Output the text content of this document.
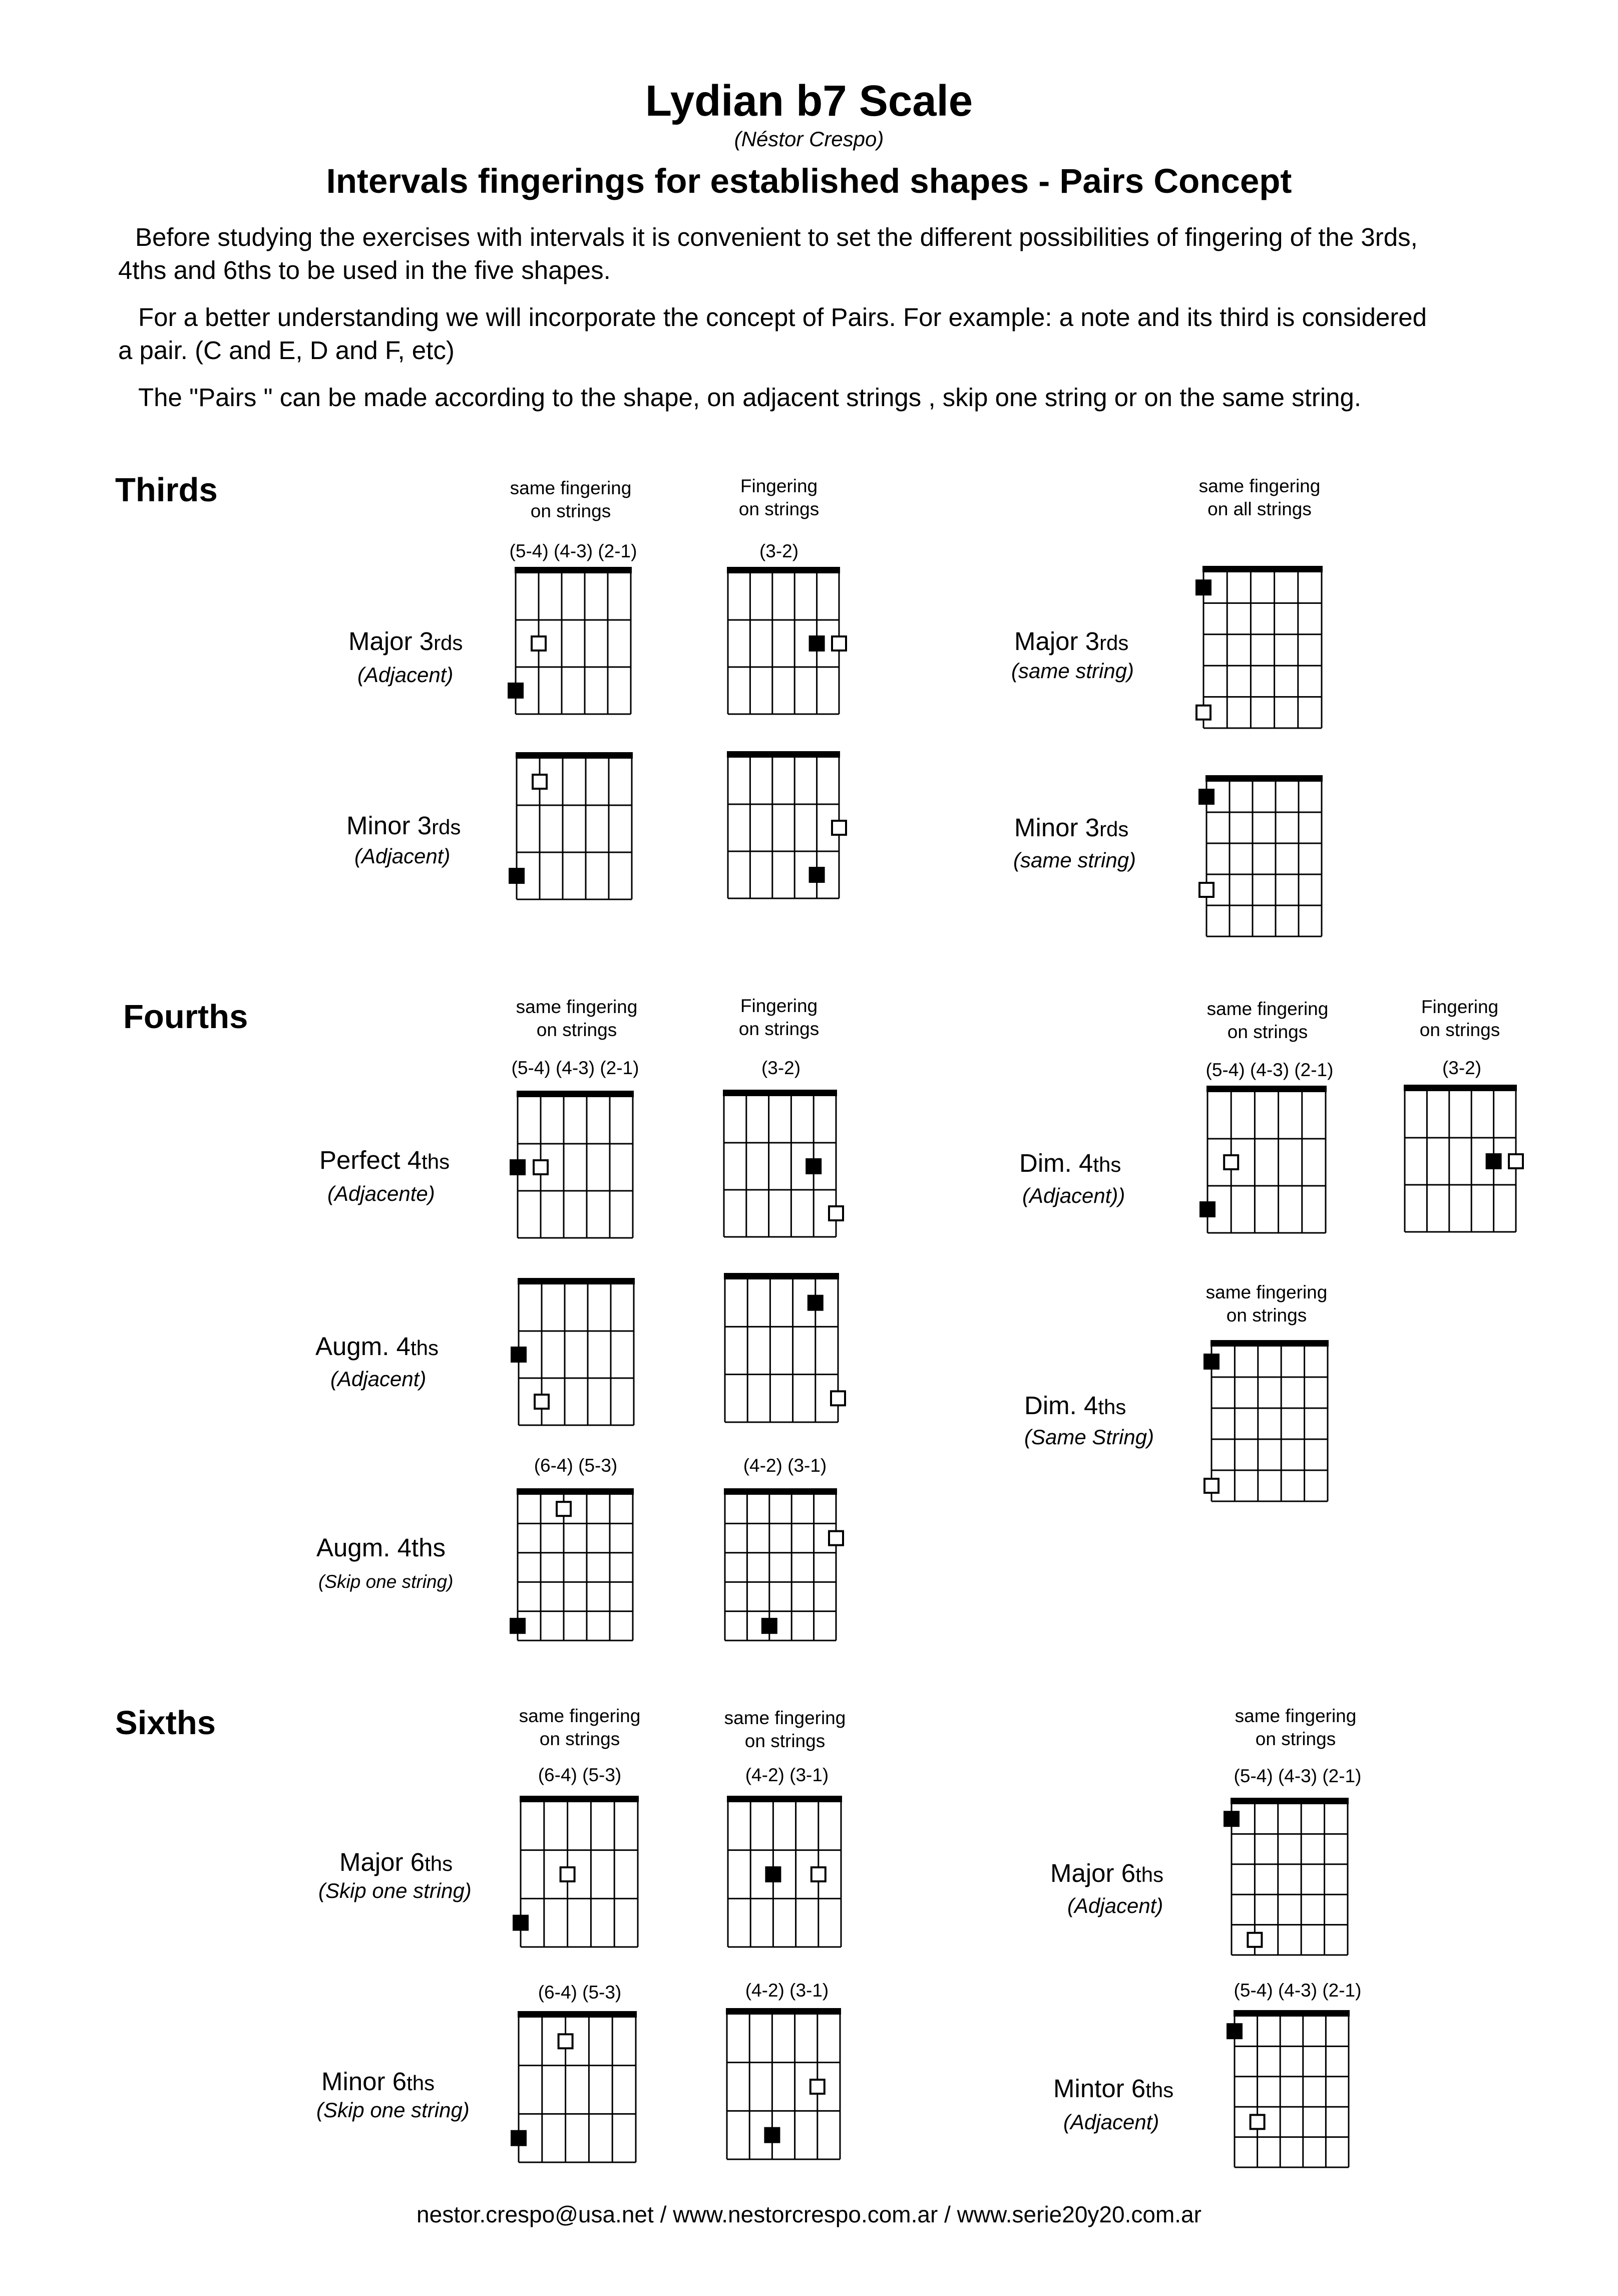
Lydian b7 Scale
(Néstor Crespo)
Intervals fingerings for established shapes - Pairs Concept
Before studying the exercises with intervals it is convenient to set the different possibilities of fingering of the 3rds,
4ths and 6ths to be used in the five shapes.
For a better understanding we will incorporate the concept of Pairs. For example: a note and its third is considered
a pair. (C and E, D and F, etc)
The "Pairs " can be made according to the shape, on adjacent strings , skip one string or on the same string.
Thirds
Fourths
Sixths
same fingering
on strings
(5-4) (4-3) (2-1)
Fingering
on strings
(3-2)
same fingering
on all strings
same fingering
on strings
(5-4) (4-3) (2-1)
Fingering
on strings
(3-2)
same fingering
on strings
(5-4) (4-3) (2-1)
Fingering
on strings
(3-2)
same fingering
on strings
(6-4) (5-3)	(4-2) (3-1)
same fingering
on strings
(6-4) (5-3)
same fingering
on strings
(4-2) (3-1)
same fingering
on strings
(5-4) (4-3) (2-1)
(6-4) (5-3)	(4-2) (3-1)	(5-4) (4-3) (2-1)
Major 3rds
(Adjacent)
Major 3rds
(same string)
Minor 3rds
(Adjacent)
Minor 3rds
(same string)
Perfect 4ths
(Adjacente)
Dim. 4ths
(Adjacent))
Augm. 4ths
(Adjacent)
Dim. 4ths
(Same String)
Augm. 4ths
(Skip one string)
Major 6ths
(Skip one string)
Major 6ths
(Adjacent)
Minor 6ths
(Skip one string)
Mintor 6ths
(Adjacent)
nestor.crespo@usa.net / www.nestorcrespo.com.ar / www.serie20y20.com.ar
